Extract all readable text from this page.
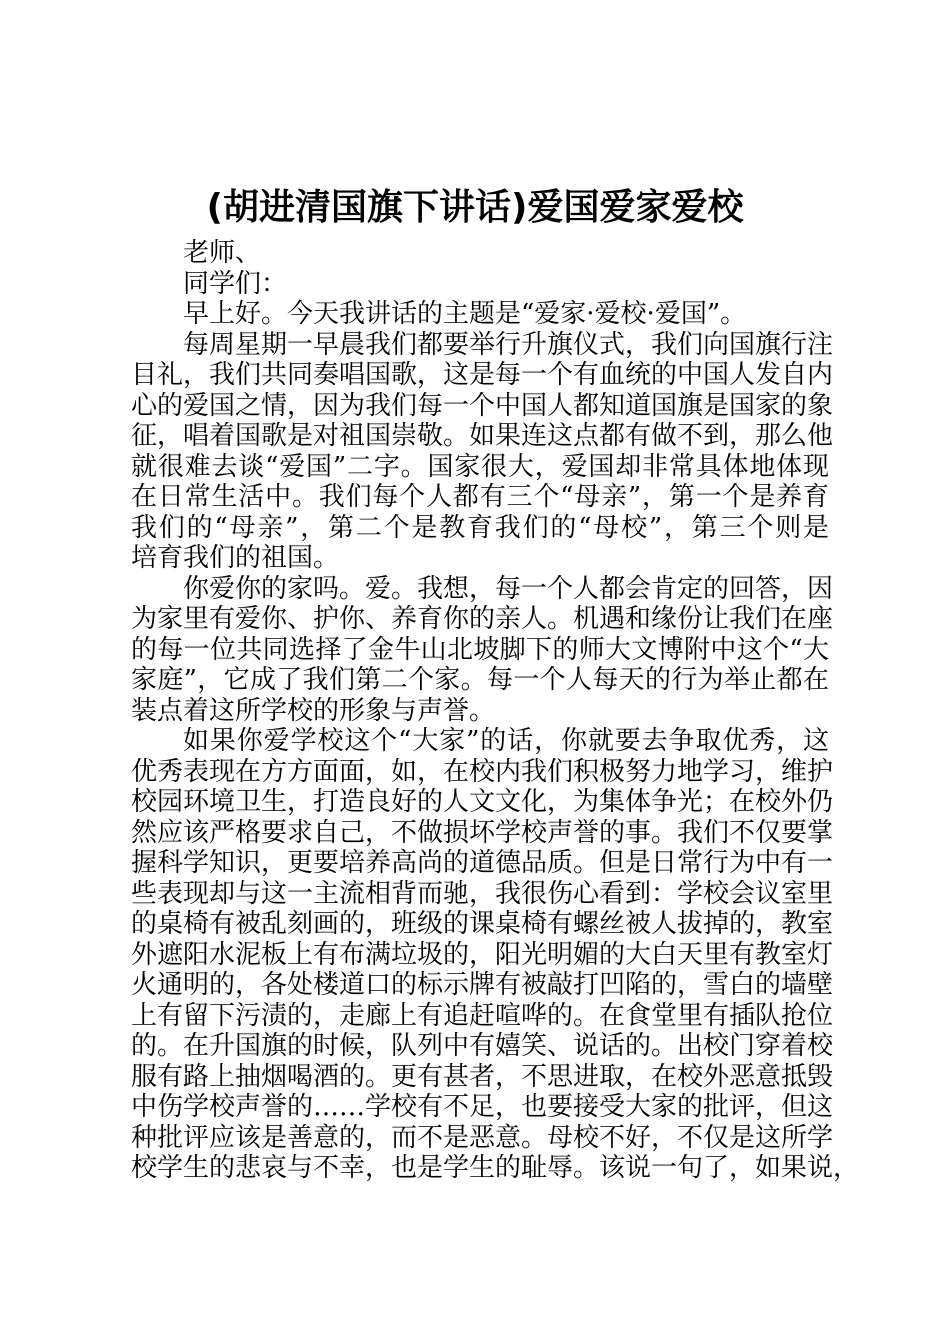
(胡进清国旗下讲话)爱国爱家爱校
老师、
同学们：
早上好。今天我讲话的主题是“爱家·爱校·爱国”。
每周星期一早晨我们都要举行升旗仪式，我们向国旗行注
目礼，我们共同奏唱国歌，这是每一个有血统的中国人发自内
心的爱国之情，因为我们每一个中国人都知道国旗是国家的象
征，唱着国歌是对祖国崇敬。如果连这点都有做不到，那么他
就很难去谈“爱国”二字。国家很大，爱国却非常具体地体现
在日常生活中。我们每个人都有三个“母亲”，第一个是养育
我们的“母亲”，第二个是教育我们的“母校”，第三个则是
培育我们的祖国。
你爱你的家吗。爱。我想，每一个人都会肯定的回答，因
为家里有爱你、护你、养育你的亲人。机遇和缘份让我们在座
的每一位共同选择了金牛山北坡脚下的师大文博附中这个“大
家庭”，它成了我们第二个家。每一个人每天的行为举止都在
装点着这所学校的形象与声誉。
如果你爱学校这个“大家”的话，你就要去争取优秀，这
优秀表现在方方面面，如，在校内我们积极努力地学习，维护
校园环境卫生，打造良好的人文文化，为集体争光；在校外仍
然应该严格要求自己，不做损坏学校声誉的事。我们不仅要掌
握科学知识，更要培养高尚的道德品质。但是日常行为中有一
些表现却与这一主流相背而驰，我很伤心看到：学校会议室里
的桌椅有被乱刻画的，班级的课桌椅有螺丝被人拔掉的，教室
外遮阳水泥板上有布满垃圾的，阳光明媚的大白天里有教室灯
火通明的，各处楼道口的标示牌有被敲打凹陷的，雪白的墙壁
上有留下污渍的，走廊上有追赶喧哗的。在食堂里有插队抢位
的。在升国旗的时候，队列中有嬉笑、说话的。出校门穿着校
服有路上抽烟喝酒的。更有甚者，不思进取，在校外恶意抵毁
中伤学校声誉的……学校有不足，也要接受大家的批评，但这
种批评应该是善意的，而不是恶意。母校不好，不仅是这所学
校学生的悲哀与不幸，也是学生的耻辱。该说一句了，如果说，
